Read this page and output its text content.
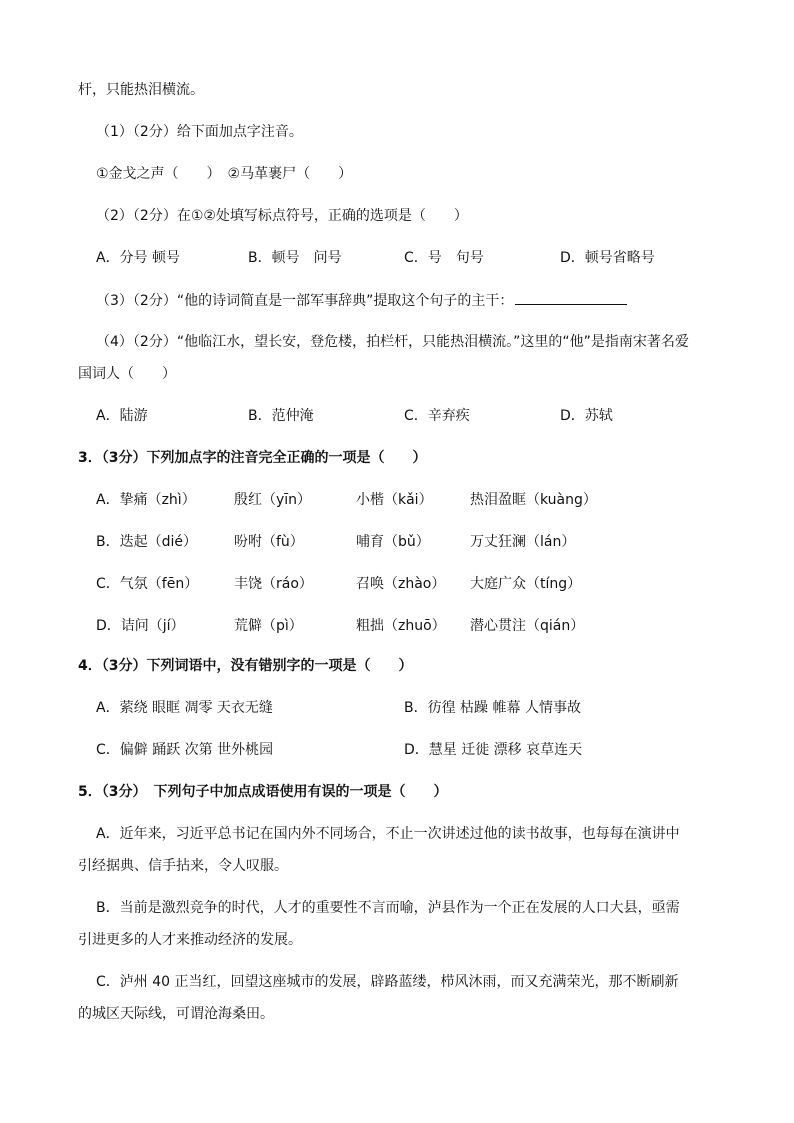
杆，只能热泪横流。
（1）（2分）给下面加点字注音。
①金戈之声（　　）　②马革裹尸（　　）
（2）（2分）在①②处填写标点符号，正确的选项是（　　）
A．分号 顿号	B．顿号　问号	C．号　句号	D．顿号省略号
（3）（2分）“他的诗词简直是一部军事辞典”提取这个句子的主干：
（4）（2分）“他临江水，望长安，登危楼，拍栏杆，只能热泪横流。”这里的“他”是指南宋著名爱
国词人（　　）
A．陆游	B．范仲淹	C．辛弃疾	D．苏轼
3．（3分）下列加点字的注音完全正确的一项是（　　）
A．挚痛（zhì）	殷红（yīn）	小楷（kǎi）	热泪盈眶（kuàng）
B．迭起（dié）	吩咐（fù）	哺育（bǔ）	万丈狂澜（lán）
C．气氛（fēn）	丰饶（ráo）	召唤（zhào） 大庭广众（tíng）
D．诘问（jí）	荒僻（pì）	粗拙（zhuō） 潜心贯注（qián）
4．（3分）下列词语中，没有错别字的一项是（　　）
A．萦绕 眼眶 凋零 天衣无缝	B．彷徨 枯躁 帷幕 人情事故
C．偏僻 踊跃 次第 世外桃园	D．慧星 迁徙 漂移 哀草连天
5．（3分）　下列句子中加点成语使用有误的一项是（　　）
A．近年来，习近平总书记在国内外不同场合，不止一次讲述过他的读书故事，也每每在演讲中
引经据典、信手拈来，令人叹服。
B．当前是激烈竞争的时代，人才的重要性不言而喻，泸县作为一个正在发展的人口大县，亟需
引进更多的人才来推动经济的发展。
C．泸州 40 正当红，回望这座城市的发展，辟路蓝缕，栉风沐雨，而又充满荣光，那不断刷新
的城区天际线，可谓沧海桑田。
